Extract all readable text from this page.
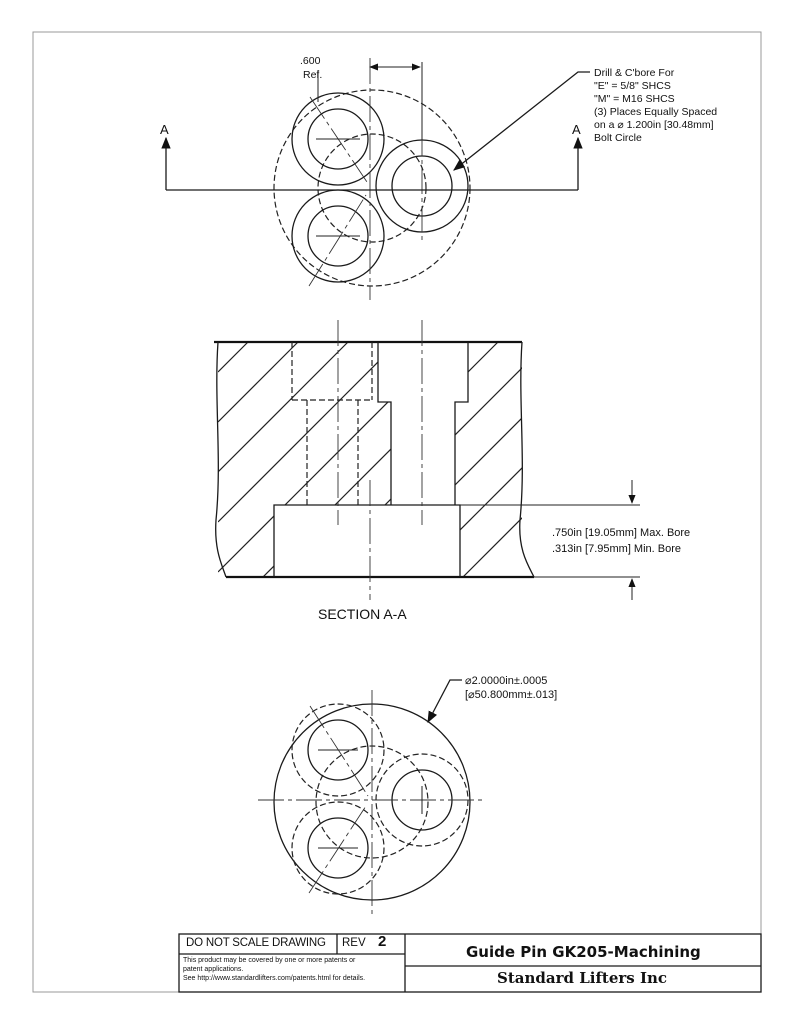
.600
Ref.
A	A
Drill & C'bore For
"E" = 5/8" SHCS
"M" = M16 SHCS
(3) Places Equally Spaced
on a ⌀ 1.200in [30.48mm]
Bolt Circle
.750in [19.05mm] Max. Bore
.313in [7.95mm] Min. Bore
SECTION A-A
⌀2.0000in±.0005
[⌀50.800mm±.013]
DO NOT SCALE DRAWING REV 2
This product may be covered by one or more patents or
patent applications.
See http://www.standardlifters.com/patents.html for details.
Guide Pin GK205-Machining
Standard Lifters Inc
